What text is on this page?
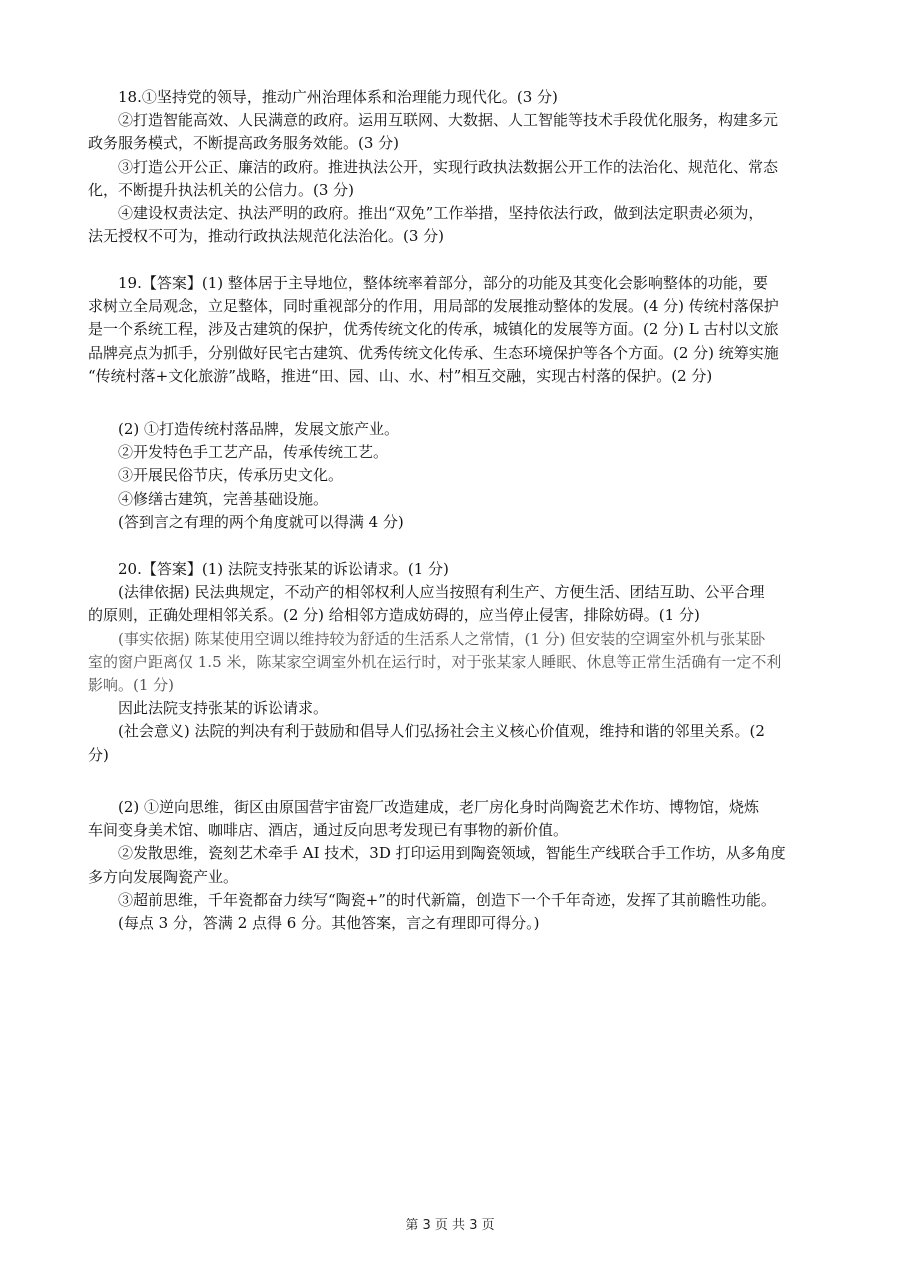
18.①坚持党的领导，推动广州治理体系和治理能力现代化。(3 分)
②打造智能高效、人民满意的政府。运用互联网、大数据、人工智能等技术手段优化服务，构建多元
政务服务模式，不断提高政务服务效能。(3 分)
③打造公开公正、廉洁的政府。推进执法公开，实现行政执法数据公开工作的法治化、规范化、常态
化，不断提升执法机关的公信力。(3 分)
④建设权责法定、执法严明的政府。推出“双免”工作举措，坚持依法行政，做到法定职责必须为，
法无授权不可为，推动行政执法规范化法治化。(3 分)
19.【答案】(1) 整体居于主导地位，整体统率着部分，部分的功能及其变化会影响整体的功能，要
求树立全局观念，立足整体，同时重视部分的作用，用局部的发展推动整体的发展。(4 分) 传统村落保护
是一个系统工程，涉及古建筑的保护，优秀传统文化的传承，城镇化的发展等方面。(2 分) L 古村以文旅
品牌亮点为抓手，分别做好民宅古建筑、优秀传统文化传承、生态环境保护等各个方面。(2 分) 统筹实施
“传统村落+文化旅游”战略，推进“田、园、山、水、村”相互交融，实现古村落的保护。(2 分)
(2) ①打造传统村落品牌，发展文旅产业。
②开发特色手工艺产品，传承传统工艺。
③开展民俗节庆，传承历史文化。
④修缮古建筑，完善基础设施。
(答到言之有理的两个角度就可以得满 4 分)
20.【答案】(1) 法院支持张某的诉讼请求。(1 分)
(法律依据) 民法典规定，不动产的相邻权利人应当按照有利生产、方便生活、团结互助、公平合理
的原则，正确处理相邻关系。(2 分) 给相邻方造成妨碍的，应当停止侵害，排除妨碍。(1 分)
(事实依据) 陈某使用空调以维持较为舒适的生活系人之常情，(1 分) 但安装的空调室外机与张某卧
室的窗户距离仅 1.5 米，陈某家空调室外机在运行时，对于张某家人睡眠、休息等正常生活确有一定不利
影响。(1 分)
因此法院支持张某的诉讼请求。
(社会意义) 法院的判决有利于鼓励和倡导人们弘扬社会主义核心价值观，维持和谐的邻里关系。(2
分)
(2) ①逆向思维，街区由原国营宇宙瓷厂改造建成，老厂房化身时尚陶瓷艺术作坊、博物馆，烧炼
车间变身美术馆、咖啡店、酒店，通过反向思考发现已有事物的新价值。
②发散思维，瓷刻艺术牵手 AI 技术，3D 打印运用到陶瓷领域，智能生产线联合手工作坊，从多角度
多方向发展陶瓷产业。
③超前思维，千年瓷都奋力续写“陶瓷+”的时代新篇，创造下一个千年奇迹，发挥了其前瞻性功能。
(每点 3 分，答满 2 点得 6 分。其他答案，言之有理即可得分。)
第 3 页 共 3 页
